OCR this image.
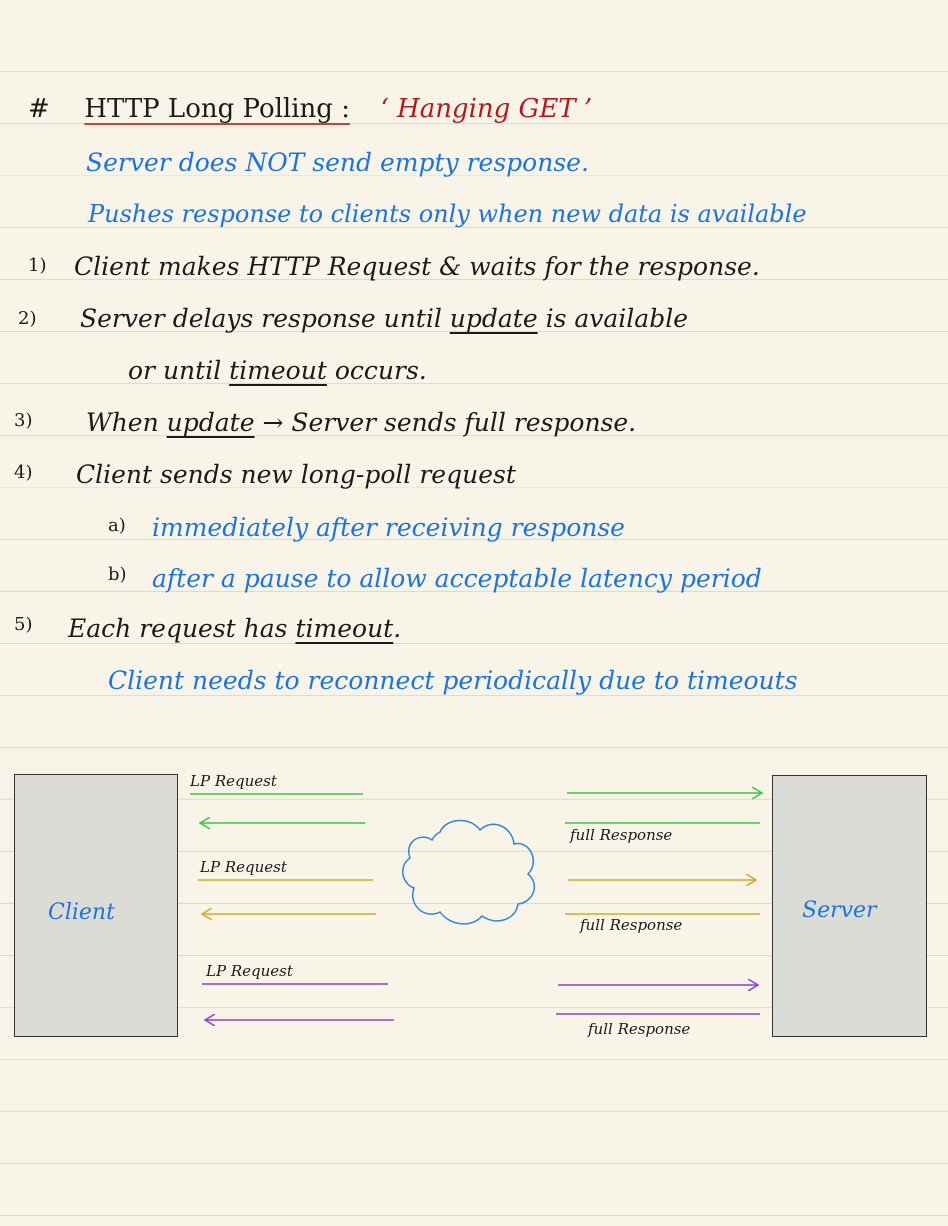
# HTTP Long Polling : ‘ Hanging GET ’
Server does NOT send empty response.
Pushes response to clients only when new data is available
1) Client makes HTTP Request & waits for the response.
2) Server delays response until update is available
or until timeout occurs.
3) When update → Server sends full response.
4) Client sends new long-poll request
a) immediately after receiving response
b) after a pause to allow acceptable latency period
5) Each request has timeout.
Client needs to reconnect periodically due to timeouts
Client	Server
LP Request
LP Request
LP Request
full Response
full Response
full Response
